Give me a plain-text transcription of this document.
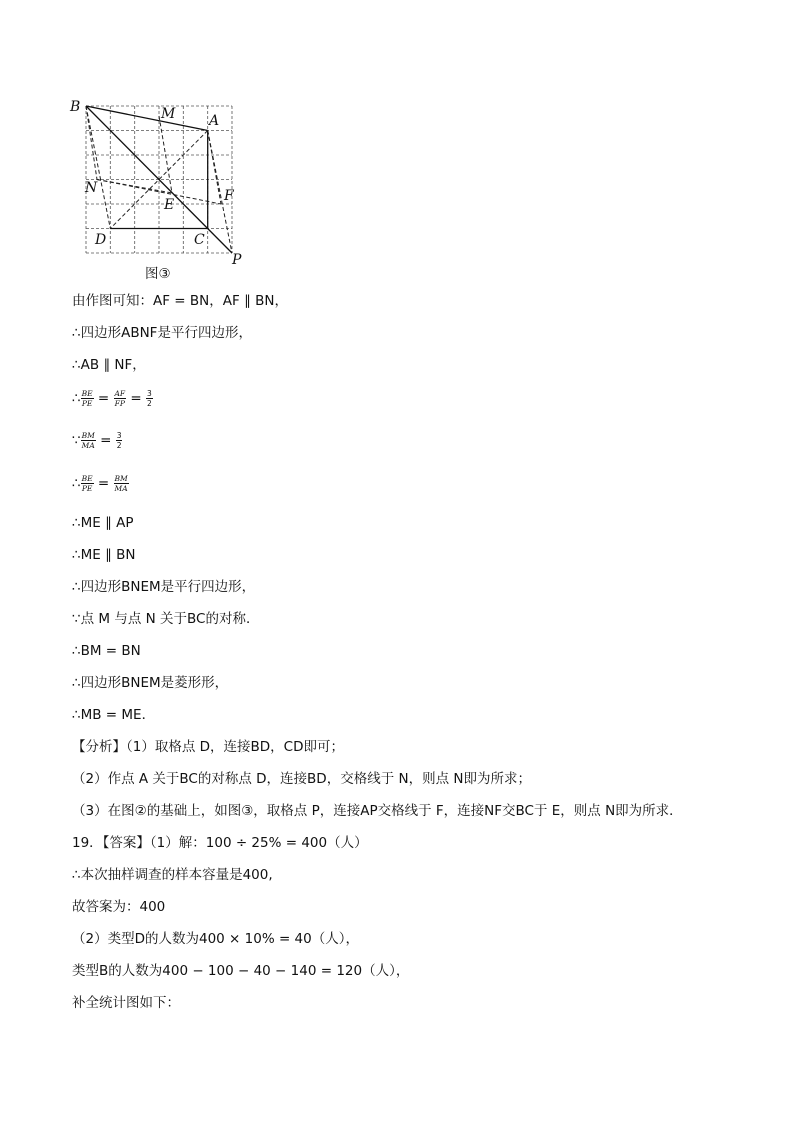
B	M A
N
E
F
D	C
P
图③
由作图可知：AF = BN，AF ∥ BN，
∴四边形ABNF是平行四边形，
∴AB ∥ NF，
∴ $\frac{BE}{PE} = \frac{AF}{FP} = \frac{3}{2}$
∵ $\frac{BM}{MA} = \frac{3}{2}$
∴ $\frac{BE}{PE} = \frac{BM}{MA}$
∴ME ∥ AP
∴ME ∥ BN
∴四边形BNEM是平行四边形，
∵点 M 与点 N 关于BC的对称．
∴BM = BN
∴四边形BNEM是菱形形，
∴MB = ME．
【分析】（1）取格点 D，连接BD，CD即可；
（2）作点 A 关于BC的对称点 D，连接BD，交格线于 N，则点 N即为所求；
（3）在图②的基础上，如图③，取格点 P，连接AP交格线于 F，连接NF交BC于 E，则点 N即为所求．
19．【答案】（1）解：100 ÷ 25% = 400（人）
∴本次抽样调查的样本容量是400,
故答案为：400
（2）类型D的人数为400 × 10% = 40（人），
类型B的人数为400 − 100 − 40 − 140 = 120（人），
补全统计图如下：
